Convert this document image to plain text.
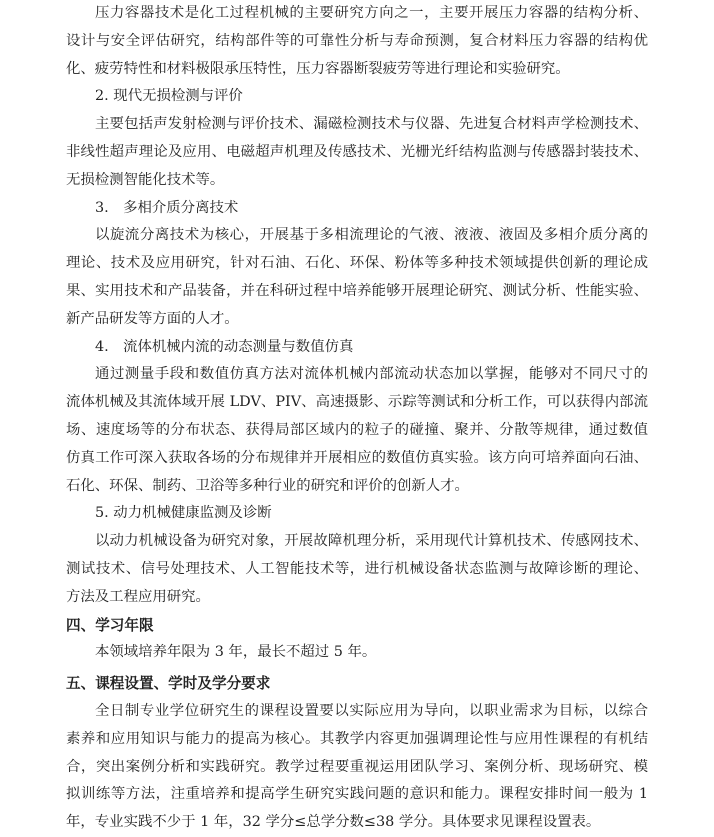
压力容器技术是化工过程机械的主要研究方向之一，主要开展压力容器的结构分析、
设计与安全评估研究，结构部件等的可靠性分析与寿命预测，复合材料压力容器的结构优
化、疲劳特性和材料极限承压特性，压力容器断裂疲劳等进行理论和实验研究。
2. 现代无损检测与评价
主要包括声发射检测与评价技术、漏磁检测技术与仪器、先进复合材料声学检测技术、
非线性超声理论及应用、电磁超声机理及传感技术、光栅光纤结构监测与传感器封装技术、
无损检测智能化技术等。
3.　多相介质分离技术
以旋流分离技术为核心，开展基于多相流理论的气液、液液、液固及多相介质分离的
理论、技术及应用研究，针对石油、石化、环保、粉体等多种技术领域提供创新的理论成
果、实用技术和产品装备，并在科研过程中培养能够开展理论研究、测试分析、性能实验、
新产品研发等方面的人才。
4.　流体机械内流的动态测量与数值仿真
通过测量手段和数值仿真方法对流体机械内部流动状态加以掌握，能够对不同尺寸的
流体机械及其流体域开展 LDV、PIV、高速摄影、示踪等测试和分析工作，可以获得内部流
场、速度场等的分布状态、获得局部区域内的粒子的碰撞、聚并、分散等规律，通过数值
仿真工作可深入获取各场的分布规律并开展相应的数值仿真实验。该方向可培养面向石油、
石化、环保、制药、卫浴等多种行业的研究和评价的创新人才。
5. 动力机械健康监测及诊断
以动力机械设备为研究对象，开展故障机理分析，采用现代计算机技术、传感网技术、
测试技术、信号处理技术、人工智能技术等，进行机械设备状态监测与故障诊断的理论、
方法及工程应用研究。
四、学习年限
本领域培养年限为 3 年，最长不超过 5 年。
五、课程设置、学时及学分要求
全日制专业学位研究生的课程设置要以实际应用为导向，以职业需求为目标，以综合
素养和应用知识与能力的提高为核心。其教学内容更加强调理论性与应用性课程的有机结
合，突出案例分析和实践研究。教学过程要重视运用团队学习、案例分析、现场研究、模
拟训练等方法，注重培养和提高学生研究实践问题的意识和能力。课程安排时间一般为 1
年，专业实践不少于 1 年，32 学分≤总学分数≤38 学分。具体要求见课程设置表。
